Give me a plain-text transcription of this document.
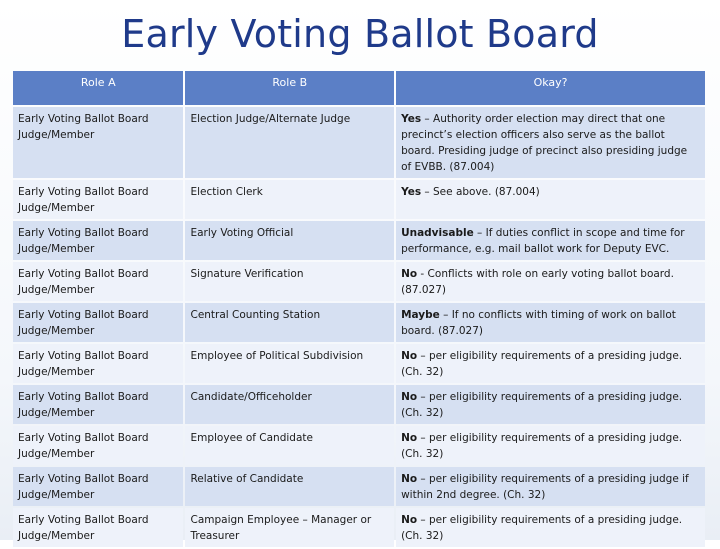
Early Voting Ballot Board
Role A	Role B	Okay?
Early Voting Ballot Board Judge/Member	Election Judge/Alternate Judge	Yes – Authority order election may direct that one precinct’s election officers also serve as the ballot board. Presiding judge of precinct also presiding judge of EVBB. (87.004)
Early Voting Ballot Board Judge/Member	Election Clerk	Yes – See above. (87.004)
Early Voting Ballot Board Judge/Member	Early Voting Official	Unadvisable – If duties conflict in scope and time for performance, e.g. mail ballot work for Deputy EVC.
Early Voting Ballot Board Judge/Member	Signature Verification	No - Conflicts with role on early voting ballot board. (87.027)
Early Voting Ballot Board Judge/Member	Central Counting Station	Maybe – If no conflicts with timing of work on ballot board. (87.027)
Early Voting Ballot Board Judge/Member	Employee of Political Subdivision	No – per eligibility requirements of a presiding judge. (Ch. 32)
Early Voting Ballot Board Judge/Member	Candidate/Officeholder	No – per eligibility requirements of a presiding judge. (Ch. 32)
Early Voting Ballot Board Judge/Member	Employee of Candidate	No – per eligibility requirements of a presiding judge. (Ch. 32)
Early Voting Ballot Board Judge/Member	Relative of Candidate	No – per eligibility requirements of a presiding judge if within 2nd degree. (Ch. 32)
Early Voting Ballot Board Judge/Member	Campaign Employee – Manager or Treasurer	No – per eligibility requirements of a presiding judge. (Ch. 32)
